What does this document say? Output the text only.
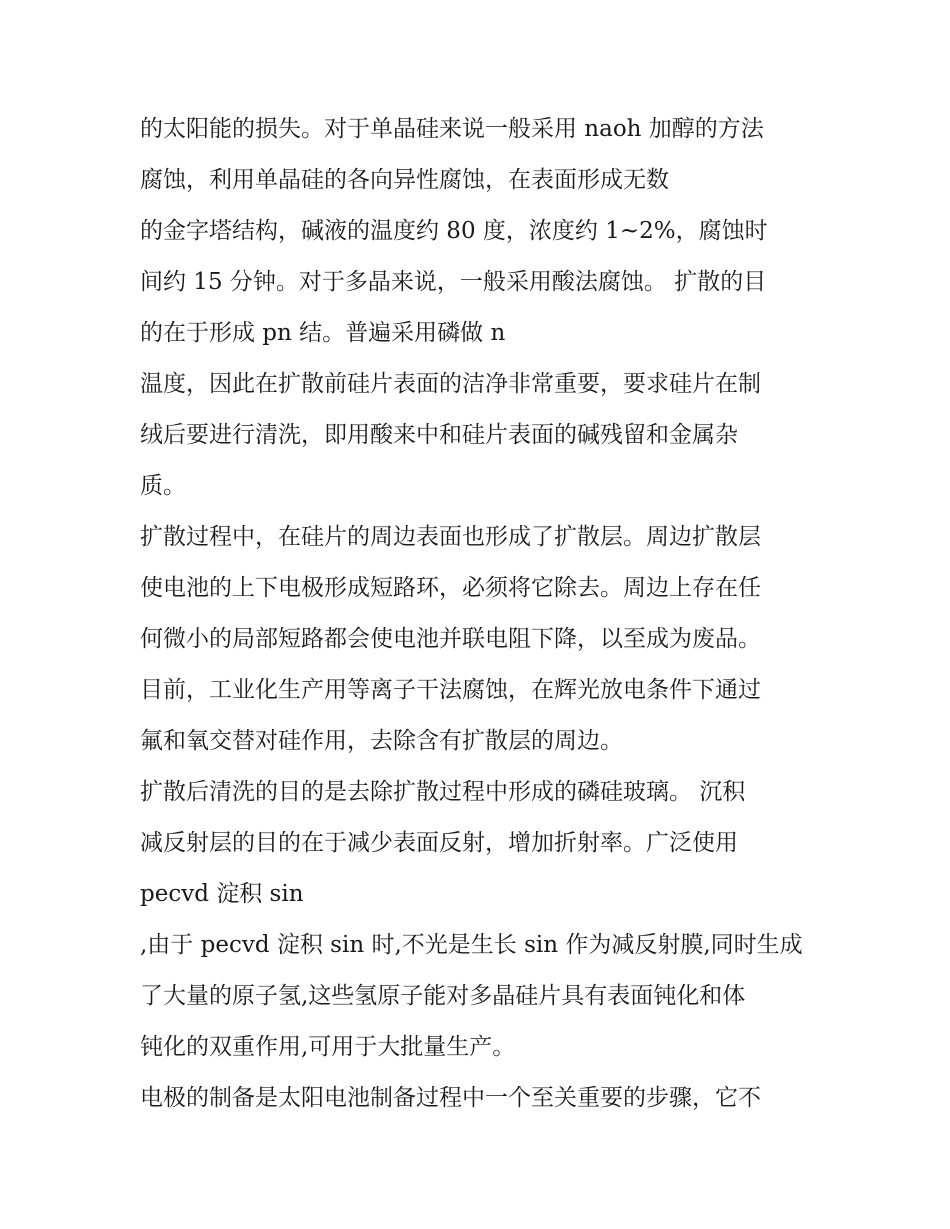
的太阳能的损失。对于单晶硅来说一般采用 naoh 加醇的方法
腐蚀，利用单晶硅的各向异性腐蚀，在表面形成无数
的金字塔结构，碱液的温度约 80 度，浓度约 1~2%，腐蚀时
间约 15 分钟。对于多晶来说，一般采用酸法腐蚀。 扩散的目
的在于形成 pn 结。普遍采用磷做 n
温度，因此在扩散前硅片表面的洁净非常重要，要求硅片在制
绒后要进行清洗，即用酸来中和硅片表面的碱残留和金属杂
质。
扩散过程中，在硅片的周边表面也形成了扩散层。周边扩散层
使电池的上下电极形成短路环，必须将它除去。周边上存在任
何微小的局部短路都会使电池并联电阻下降，以至成为废品。
目前，工业化生产用等离子干法腐蚀，在辉光放电条件下通过
氟和氧交替对硅作用，去除含有扩散层的周边。
扩散后清洗的目的是去除扩散过程中形成的磷硅玻璃。 沉积
减反射层的目的在于减少表面反射，增加折射率。广泛使用
pecvd 淀积 sin
,由于 pecvd 淀积 sin 时,不光是生长 sin 作为减反射膜,同时生成
了大量的原子氢,这些氢原子能对多晶硅片具有表面钝化和体
钝化的双重作用,可用于大批量生产。
电极的制备是太阳电池制备过程中一个至关重要的步骤，它不
